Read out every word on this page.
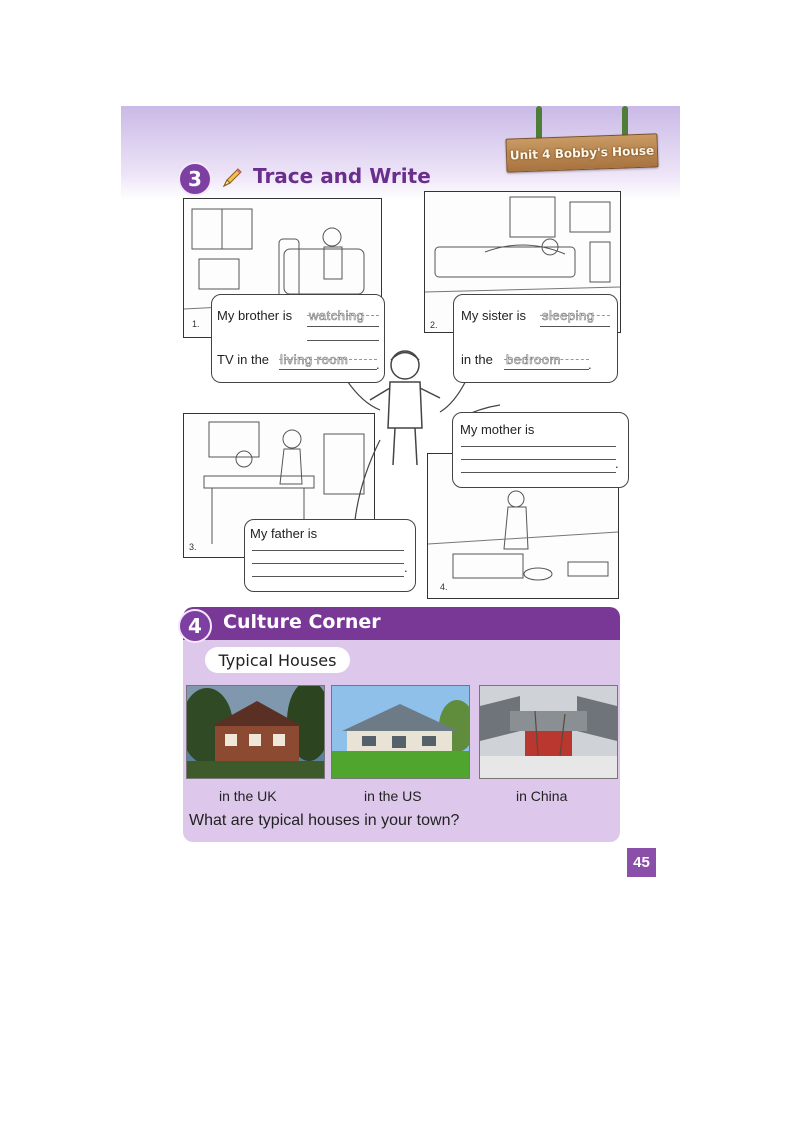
Unit 4 Bobby's House
3	Trace and Write
1.	2.
3.
4.
My brother is watching
TV in the living room .
My sister is sleeping
in the bedroom .
My mother is
.
My father is
.
Culture Corner
Typical Houses
in the UK	in the US	in China
What are typical houses in your town?
4
45
